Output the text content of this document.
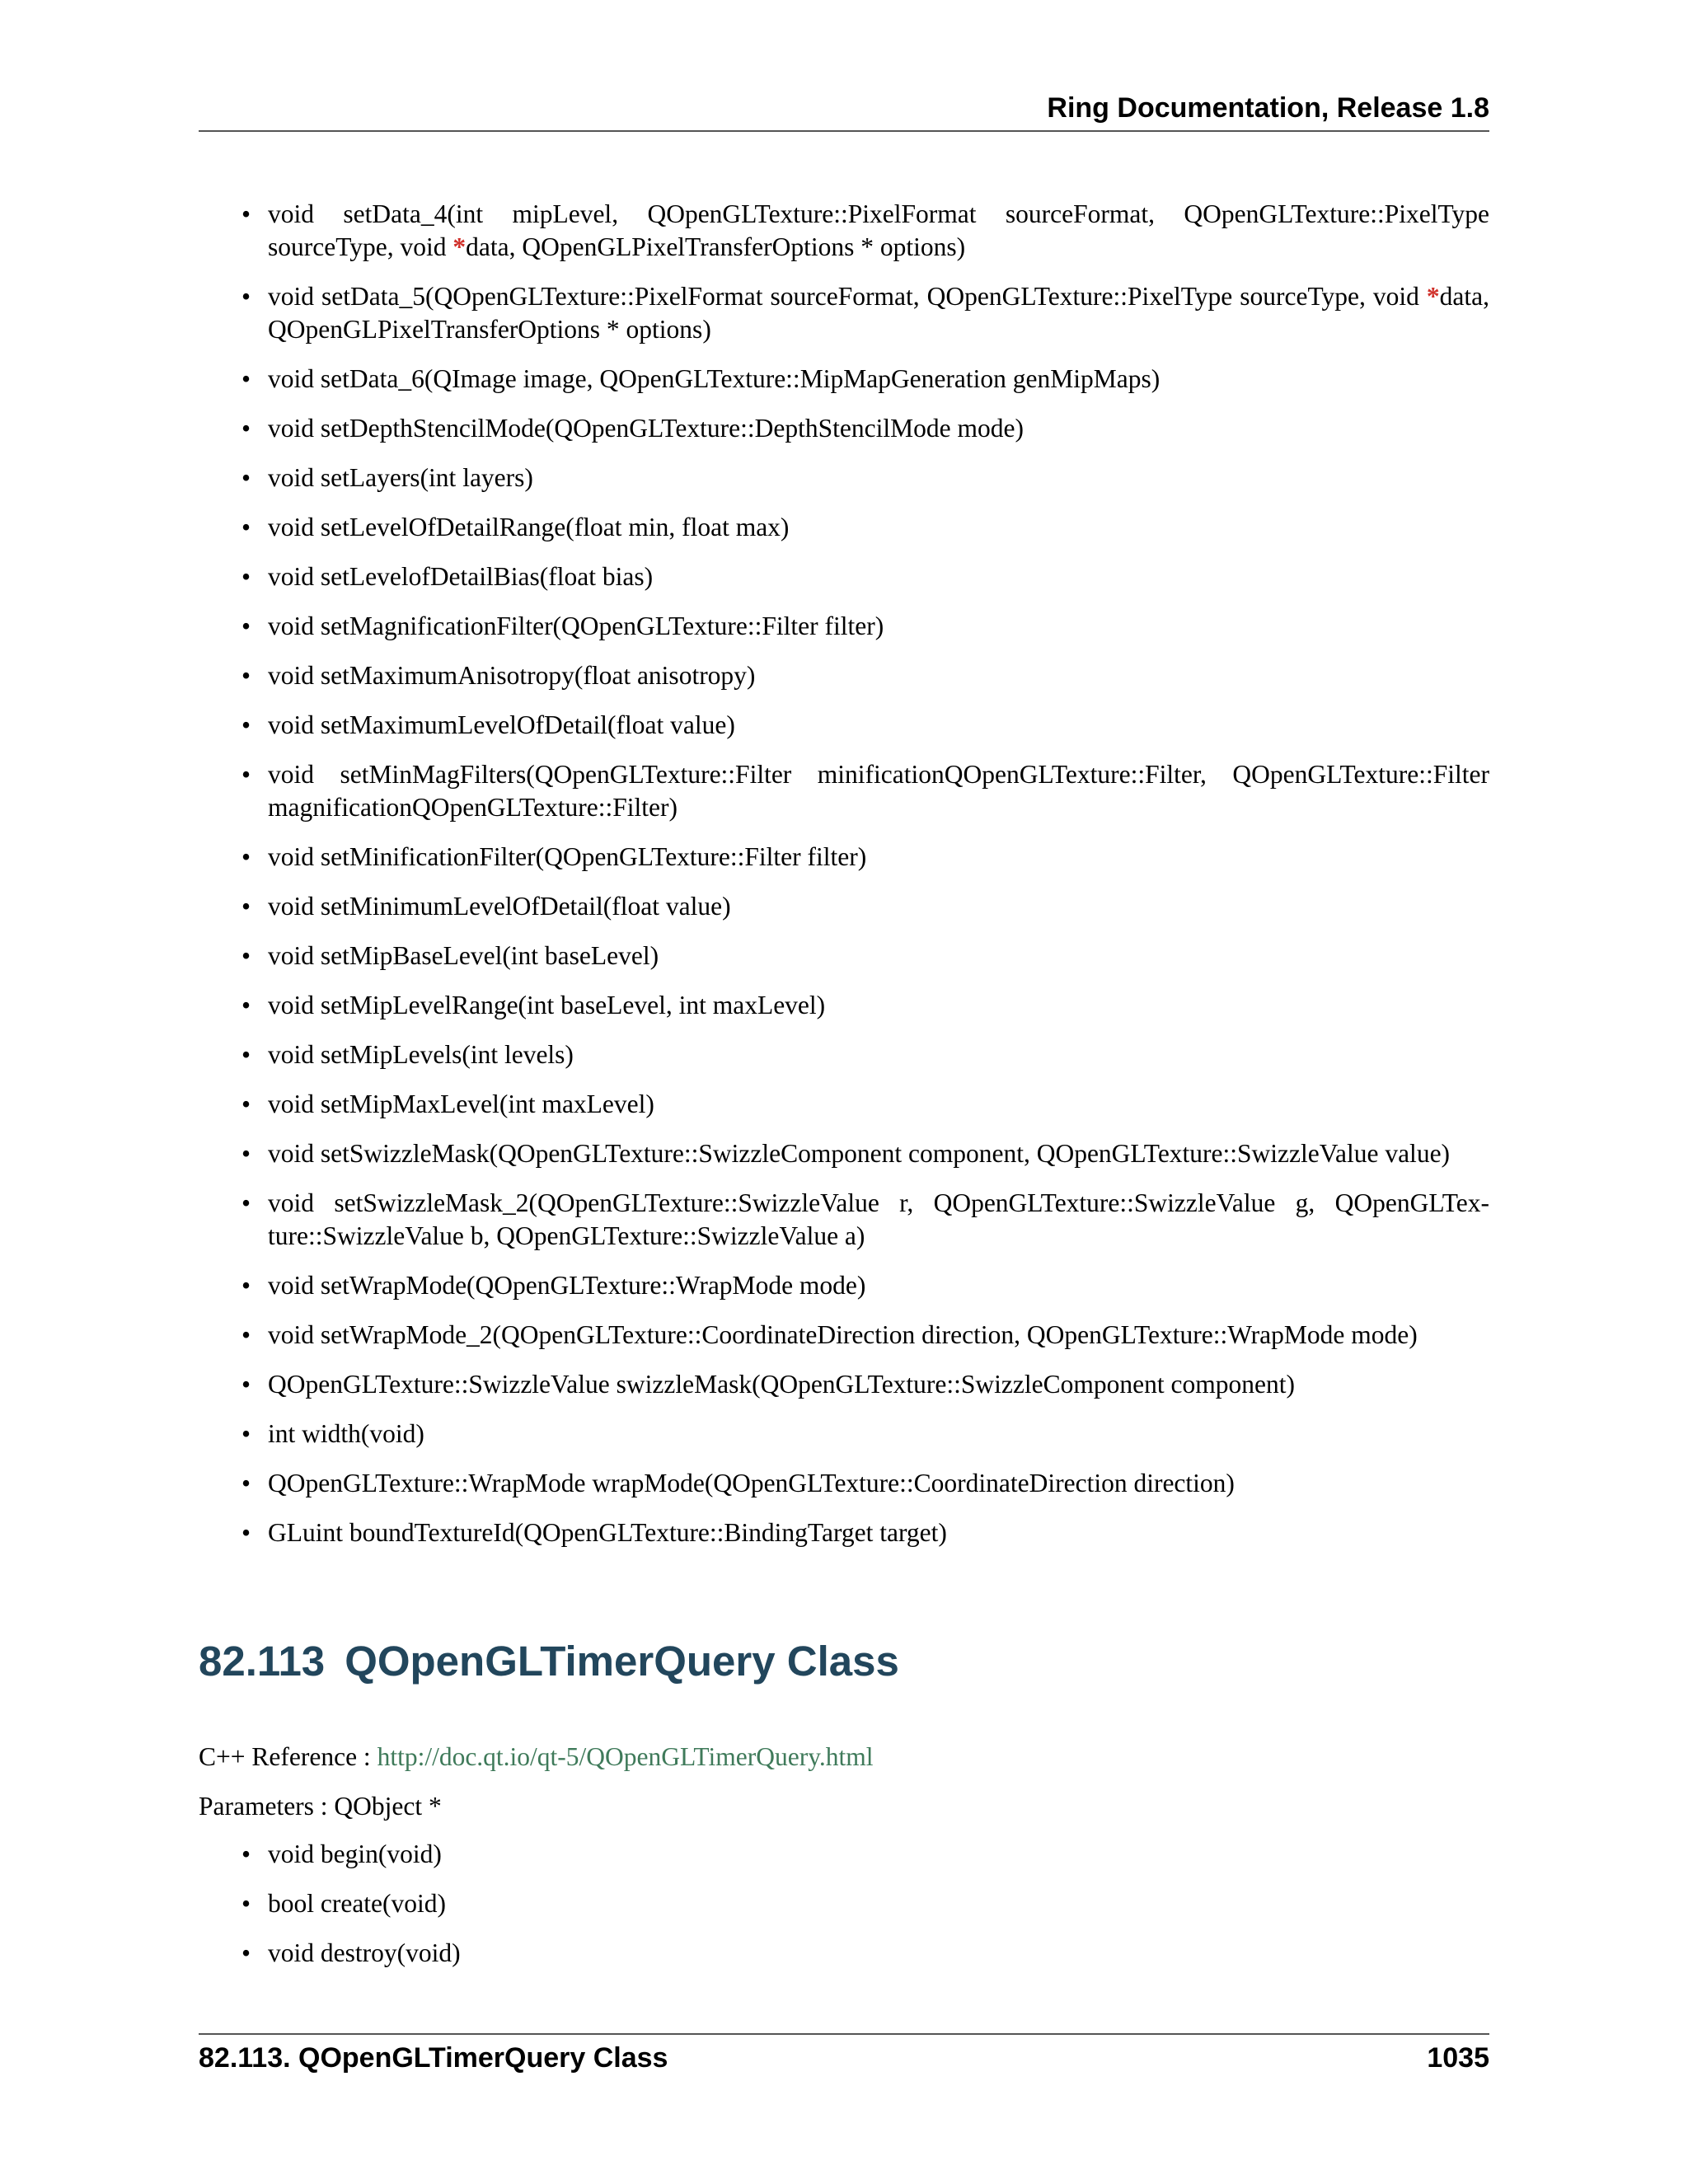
Ring Documentation, Release 1.8
• void setData_4(int mipLevel, QOpenGLTexture::PixelFormat sourceFormat, QOpenGLTexture::PixelType sourceType, void *data, QOpenGLPixelTransferOptions * options)
• void setData_5(QOpenGLTexture::PixelFormat sourceFormat, QOpenGLTexture::PixelType sourceType, void *data, QOpenGLPixelTransferOptions * options)
• void setData_6(QImage image, QOpenGLTexture::MipMapGeneration genMipMaps)
• void setDepthStencilMode(QOpenGLTexture::DepthStencilMode mode)
• void setLayers(int layers)
• void setLevelOfDetailRange(float min, float max)
• void setLevelofDetailBias(float bias)
• void setMagnificationFilter(QOpenGLTexture::Filter filter)
• void setMaximumAnisotropy(float anisotropy)
• void setMaximumLevelOfDetail(float value)
• void setMinMagFilters(QOpenGLTexture::Filter minificationQOpenGLTexture::Filter, QOpenGLTexture::Filter magnificationQOpenGLTexture::Filter)
• void setMinificationFilter(QOpenGLTexture::Filter filter)
• void setMinimumLevelOfDetail(float value)
• void setMipBaseLevel(int baseLevel)
• void setMipLevelRange(int baseLevel, int maxLevel)
• void setMipLevels(int levels)
• void setMipMaxLevel(int maxLevel)
• void setSwizzleMask(QOpenGLTexture::SwizzleComponent component, QOpenGLTexture::SwizzleValue value)
• void setSwizzleMask_2(QOpenGLTexture::SwizzleValue r, QOpenGLTexture::SwizzleValue g, QOpenGLTexture::SwizzleValue b, QOpenGLTexture::SwizzleValue a)
• void setWrapMode(QOpenGLTexture::WrapMode mode)
• void setWrapMode_2(QOpenGLTexture::CoordinateDirection direction, QOpenGLTexture::WrapMode mode)
• QOpenGLTexture::SwizzleValue swizzleMask(QOpenGLTexture::SwizzleComponent component)
• int width(void)
• QOpenGLTexture::WrapMode wrapMode(QOpenGLTexture::CoordinateDirection direction)
• GLuint boundTextureId(QOpenGLTexture::BindingTarget target)
82.113 QOpenGLTimerQuery Class
C++ Reference : http://doc.qt.io/qt-5/QOpenGLTimerQuery.html
Parameters : QObject *
• void begin(void)
• bool create(void)
• void destroy(void)
82.113. QOpenGLTimerQuery Class	1035
